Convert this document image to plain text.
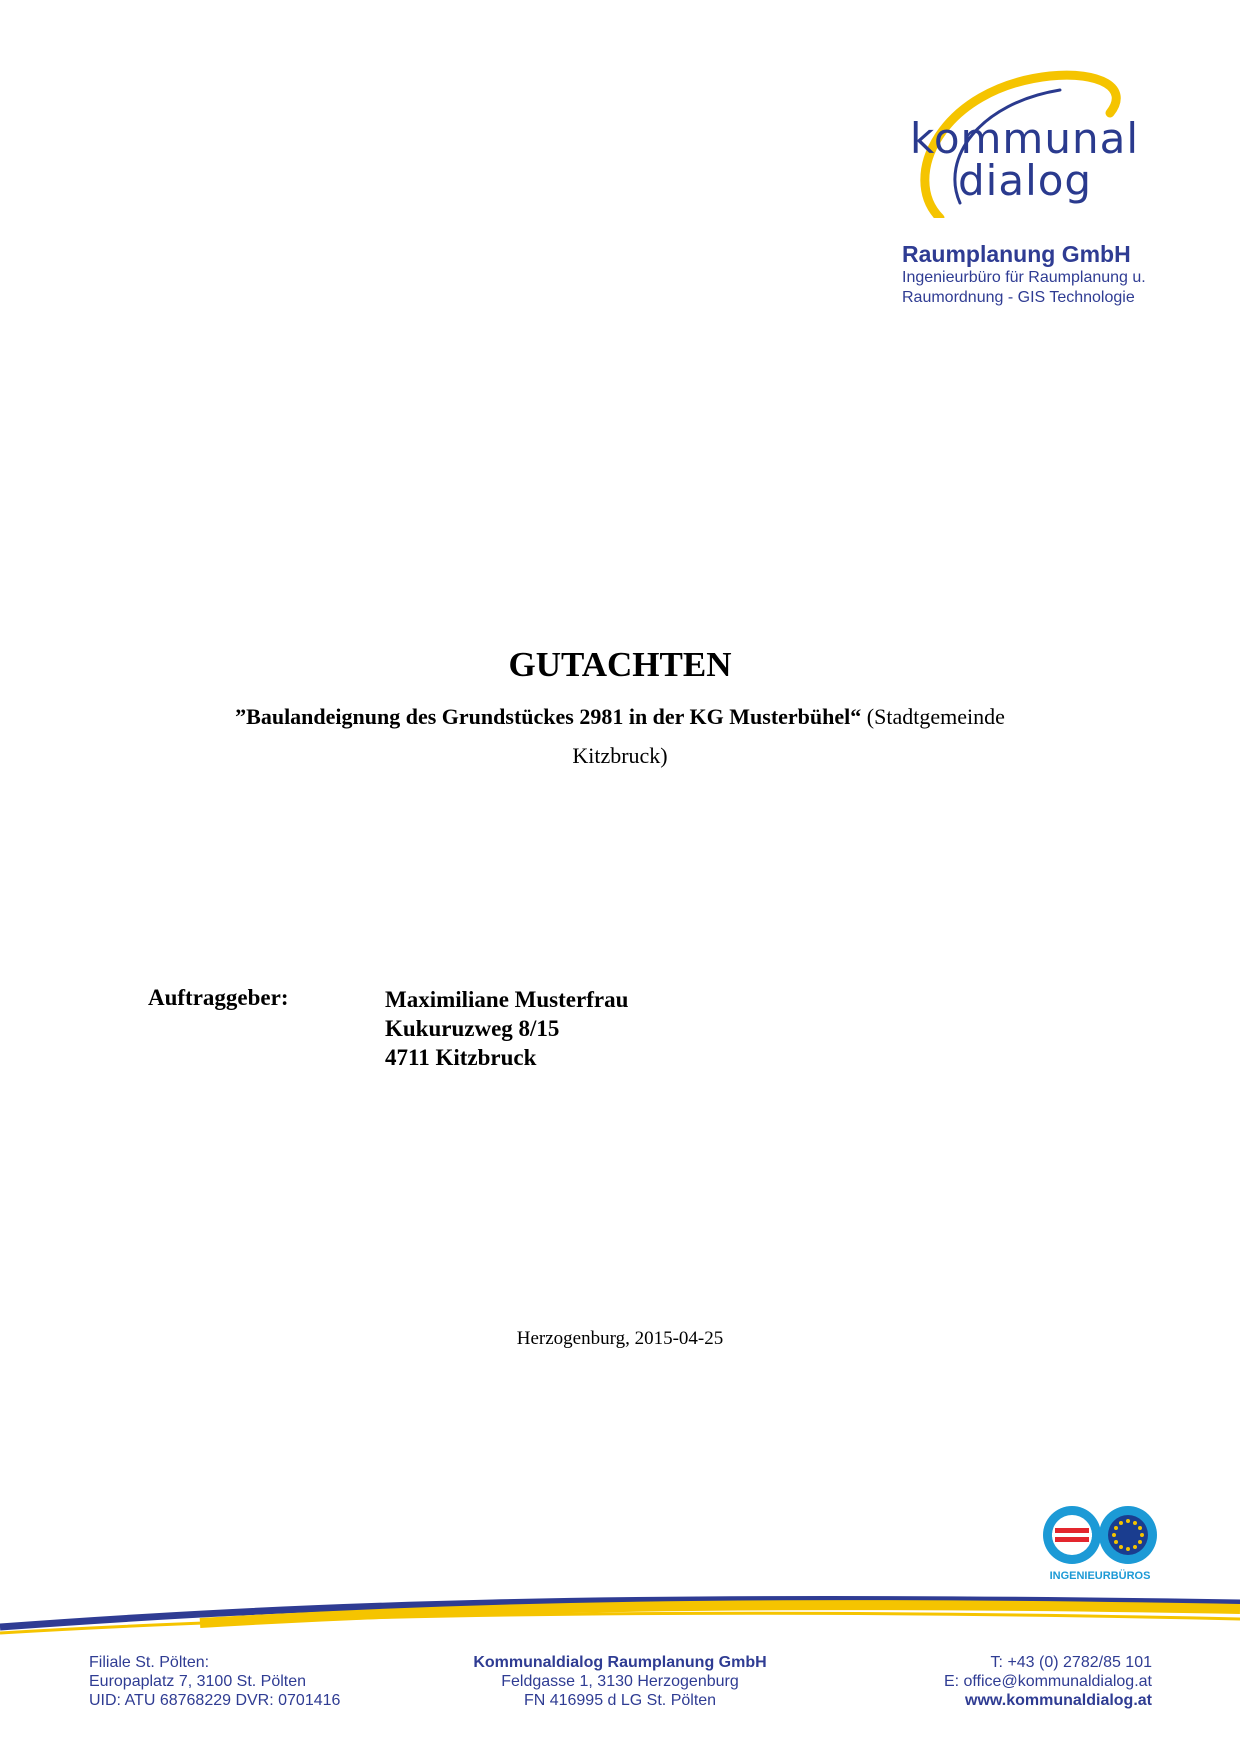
kommunal
dialog
Raumplanung GmbH
Ingenieurbüro für Raumplanung u.
Raumordnung - GIS Technologie
GUTACHTEN
”Baulandeignung des Grundstückes 2981 in der KG Musterbühel“ (Stadtgemeinde
Kitzbruck)
Auftraggeber:	Maximiliane Musterfrau
Kukuruzweg 8/15
4711 Kitzbruck
Herzogenburg, 2015-04-25
INGENIEURBÜROS
Filiale St. Pölten:
Europaplatz 7, 3100 St. Pölten
UID: ATU 68768229 DVR: 0701416
Kommunaldialog Raumplanung GmbH
Feldgasse 1, 3130 Herzogenburg
FN 416995 d LG St. Pölten
T: +43 (0) 2782/85 101
E: office@kommunaldialog.at
www.kommunaldialog.at
